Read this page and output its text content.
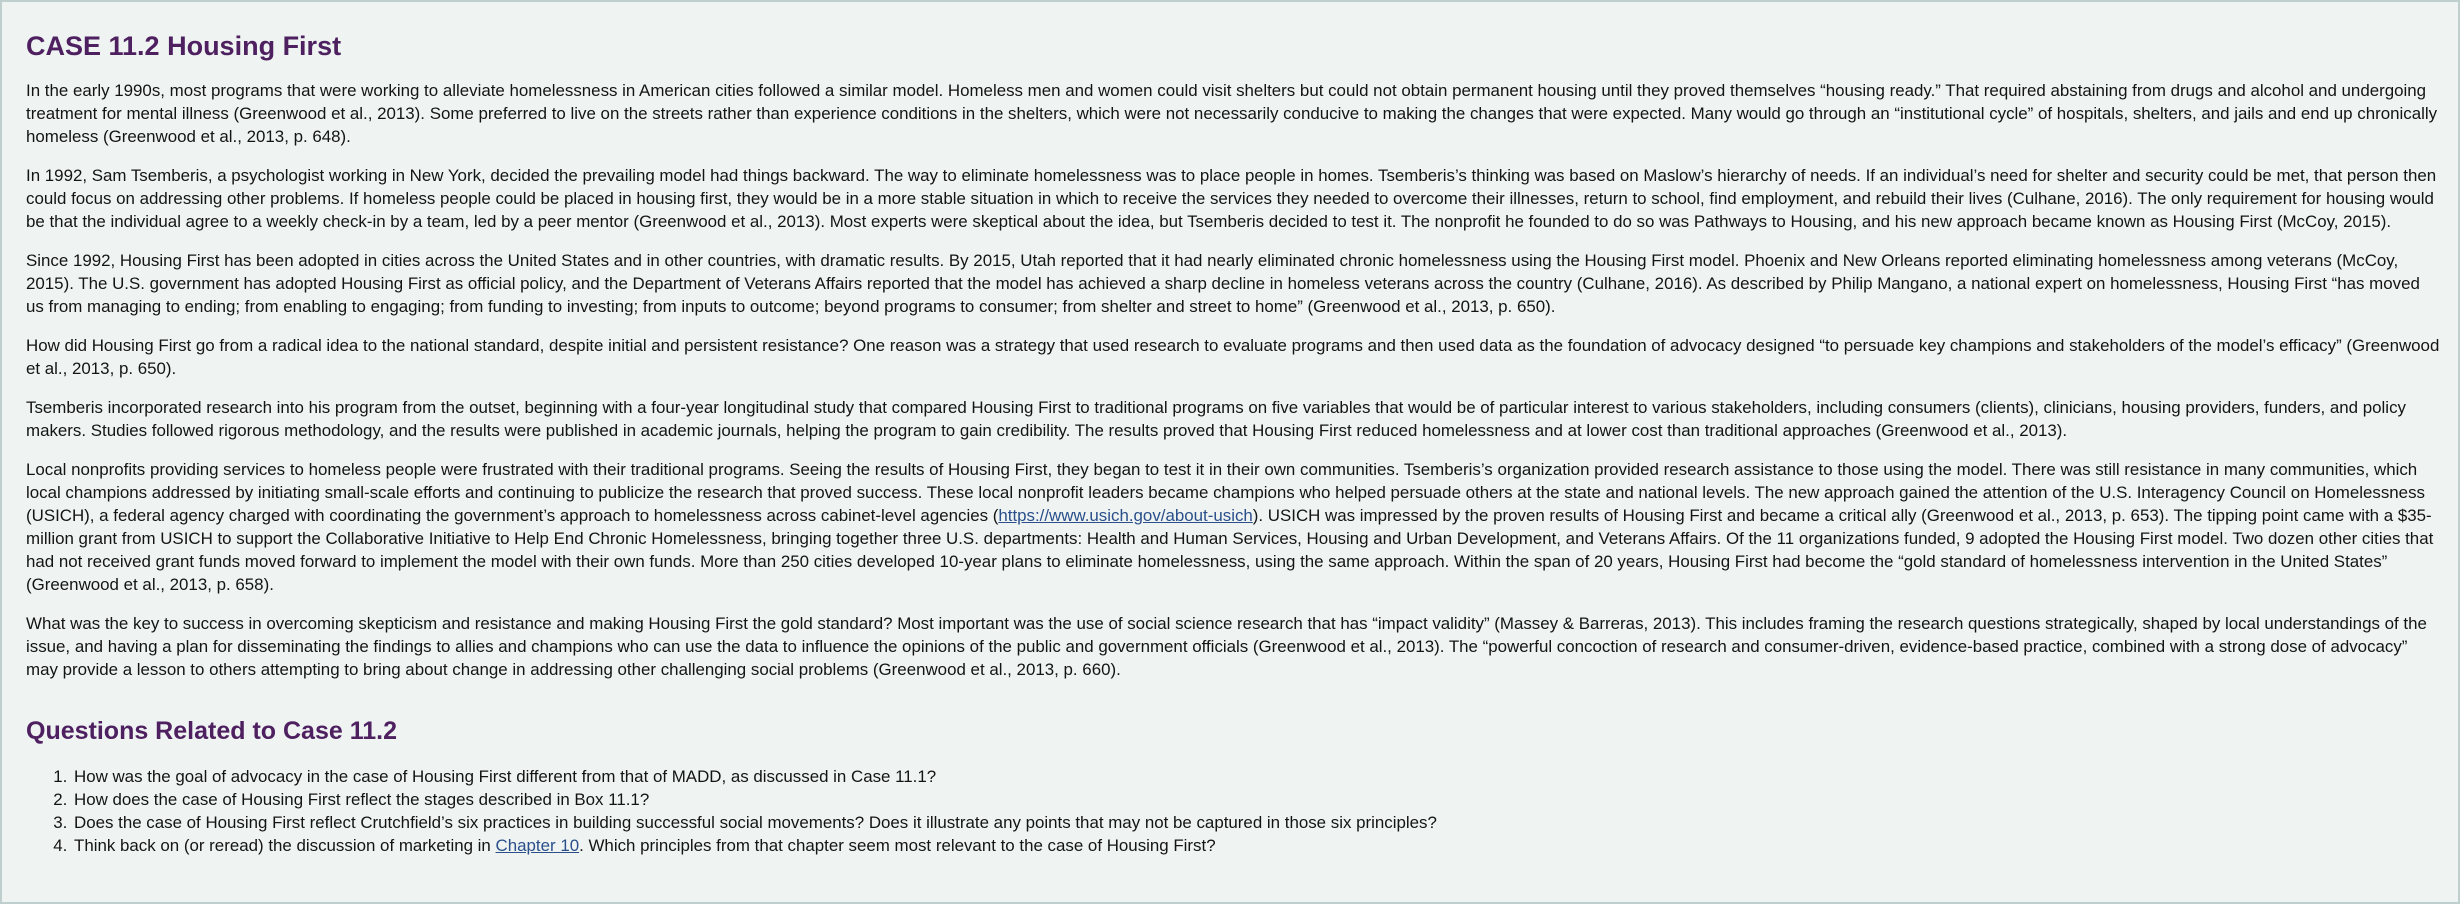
CASE 11.2 Housing First

In the early 1990s, most programs that were working to alleviate homelessness in American cities followed a similar model. Homeless men and women could visit shelters but could not obtain permanent housing until they proved themselves “housing ready.” That required abstaining from drugs and alcohol and undergoing treatment for mental illness (Greenwood et al., 2013). Some preferred to live on the streets rather than experience conditions in the shelters, which were not necessarily conducive to making the changes that were expected. Many would go through an “institutional cycle” of hospitals, shelters, and jails and end up chronically homeless (Greenwood et al., 2013, p. 648).

In 1992, Sam Tsemberis, a psychologist working in New York, decided the prevailing model had things backward. The way to eliminate homelessness was to place people in homes. Tsemberis’s thinking was based on Maslow’s hierarchy of needs. If an individual’s need for shelter and security could be met, that person then could focus on addressing other problems. If homeless people could be placed in housing first, they would be in a more stable situation in which to receive the services they needed to overcome their illnesses, return to school, find employment, and rebuild their lives (Culhane, 2016). The only requirement for housing would be that the individual agree to a weekly check-in by a team, led by a peer mentor (Greenwood et al., 2013). Most experts were skeptical about the idea, but Tsemberis decided to test it. The nonprofit he founded to do so was Pathways to Housing, and his new approach became known as Housing First (McCoy, 2015).

Since 1992, Housing First has been adopted in cities across the United States and in other countries, with dramatic results. By 2015, Utah reported that it had nearly eliminated chronic homelessness using the Housing First model. Phoenix and New Orleans reported eliminating homelessness among veterans (McCoy, 2015). The U.S. government has adopted Housing First as official policy, and the Department of Veterans Affairs reported that the model has achieved a sharp decline in homeless veterans across the country (Culhane, 2016). As described by Philip Mangano, a national expert on homelessness, Housing First “has moved us from managing to ending; from enabling to engaging; from funding to investing; from inputs to outcome; beyond programs to consumer; from shelter and street to home” (Greenwood et al., 2013, p. 650).

How did Housing First go from a radical idea to the national standard, despite initial and persistent resistance? One reason was a strategy that used research to evaluate programs and then used data as the foundation of advocacy designed “to persuade key champions and stakeholders of the model’s efficacy” (Greenwood et al., 2013, p. 650).

Tsemberis incorporated research into his program from the outset, beginning with a four-year longitudinal study that compared Housing First to traditional programs on five variables that would be of particular interest to various stakeholders, including consumers (clients), clinicians, housing providers, funders, and policy makers. Studies followed rigorous methodology, and the results were published in academic journals, helping the program to gain credibility. The results proved that Housing First reduced homelessness and at lower cost than traditional approaches (Greenwood et al., 2013).

Local nonprofits providing services to homeless people were frustrated with their traditional programs. Seeing the results of Housing First, they began to test it in their own communities. Tsemberis’s organization provided research assistance to those using the model. There was still resistance in many communities, which local champions addressed by initiating small-scale efforts and continuing to publicize the research that proved success. These local nonprofit leaders became champions who helped persuade others at the state and national levels. The new approach gained the attention of the U.S. Interagency Council on Homelessness (USICH), a federal agency charged with coordinating the government’s approach to homelessness across cabinet-level agencies (https://www.usich.gov/about-usich). USICH was impressed by the proven results of Housing First and became a critical ally (Greenwood et al., 2013, p. 653). The tipping point came with a $35-million grant from USICH to support the Collaborative Initiative to Help End Chronic Homelessness, bringing together three U.S. departments: Health and Human Services, Housing and Urban Development, and Veterans Affairs. Of the 11 organizations funded, 9 adopted the Housing First model. Two dozen other cities that had not received grant funds moved forward to implement the model with their own funds. More than 250 cities developed 10-year plans to eliminate homelessness, using the same approach. Within the span of 20 years, Housing First had become the “gold standard of homelessness intervention in the United States” (Greenwood et al., 2013, p. 658).

What was the key to success in overcoming skepticism and resistance and making Housing First the gold standard? Most important was the use of social science research that has “impact validity” (Massey & Barreras, 2013). This includes framing the research questions strategically, shaped by local understandings of the issue, and having a plan for disseminating the findings to allies and champions who can use the data to influence the opinions of the public and government officials (Greenwood et al., 2013). The “powerful concoction of research and consumer-driven, evidence-based practice, combined with a strong dose of advocacy” may provide a lesson to others attempting to bring about change in addressing other challenging social problems (Greenwood et al., 2013, p. 660).

Questions Related to Case 11.2
1. How was the goal of advocacy in the case of Housing First different from that of MADD, as discussed in Case 11.1?
2. How does the case of Housing First reflect the stages described in Box 11.1?
3. Does the case of Housing First reflect Crutchfield’s six practices in building successful social movements? Does it illustrate any points that may not be captured in those six principles?
4. Think back on (or reread) the discussion of marketing in Chapter 10. Which principles from that chapter seem most relevant to the case of Housing First?
